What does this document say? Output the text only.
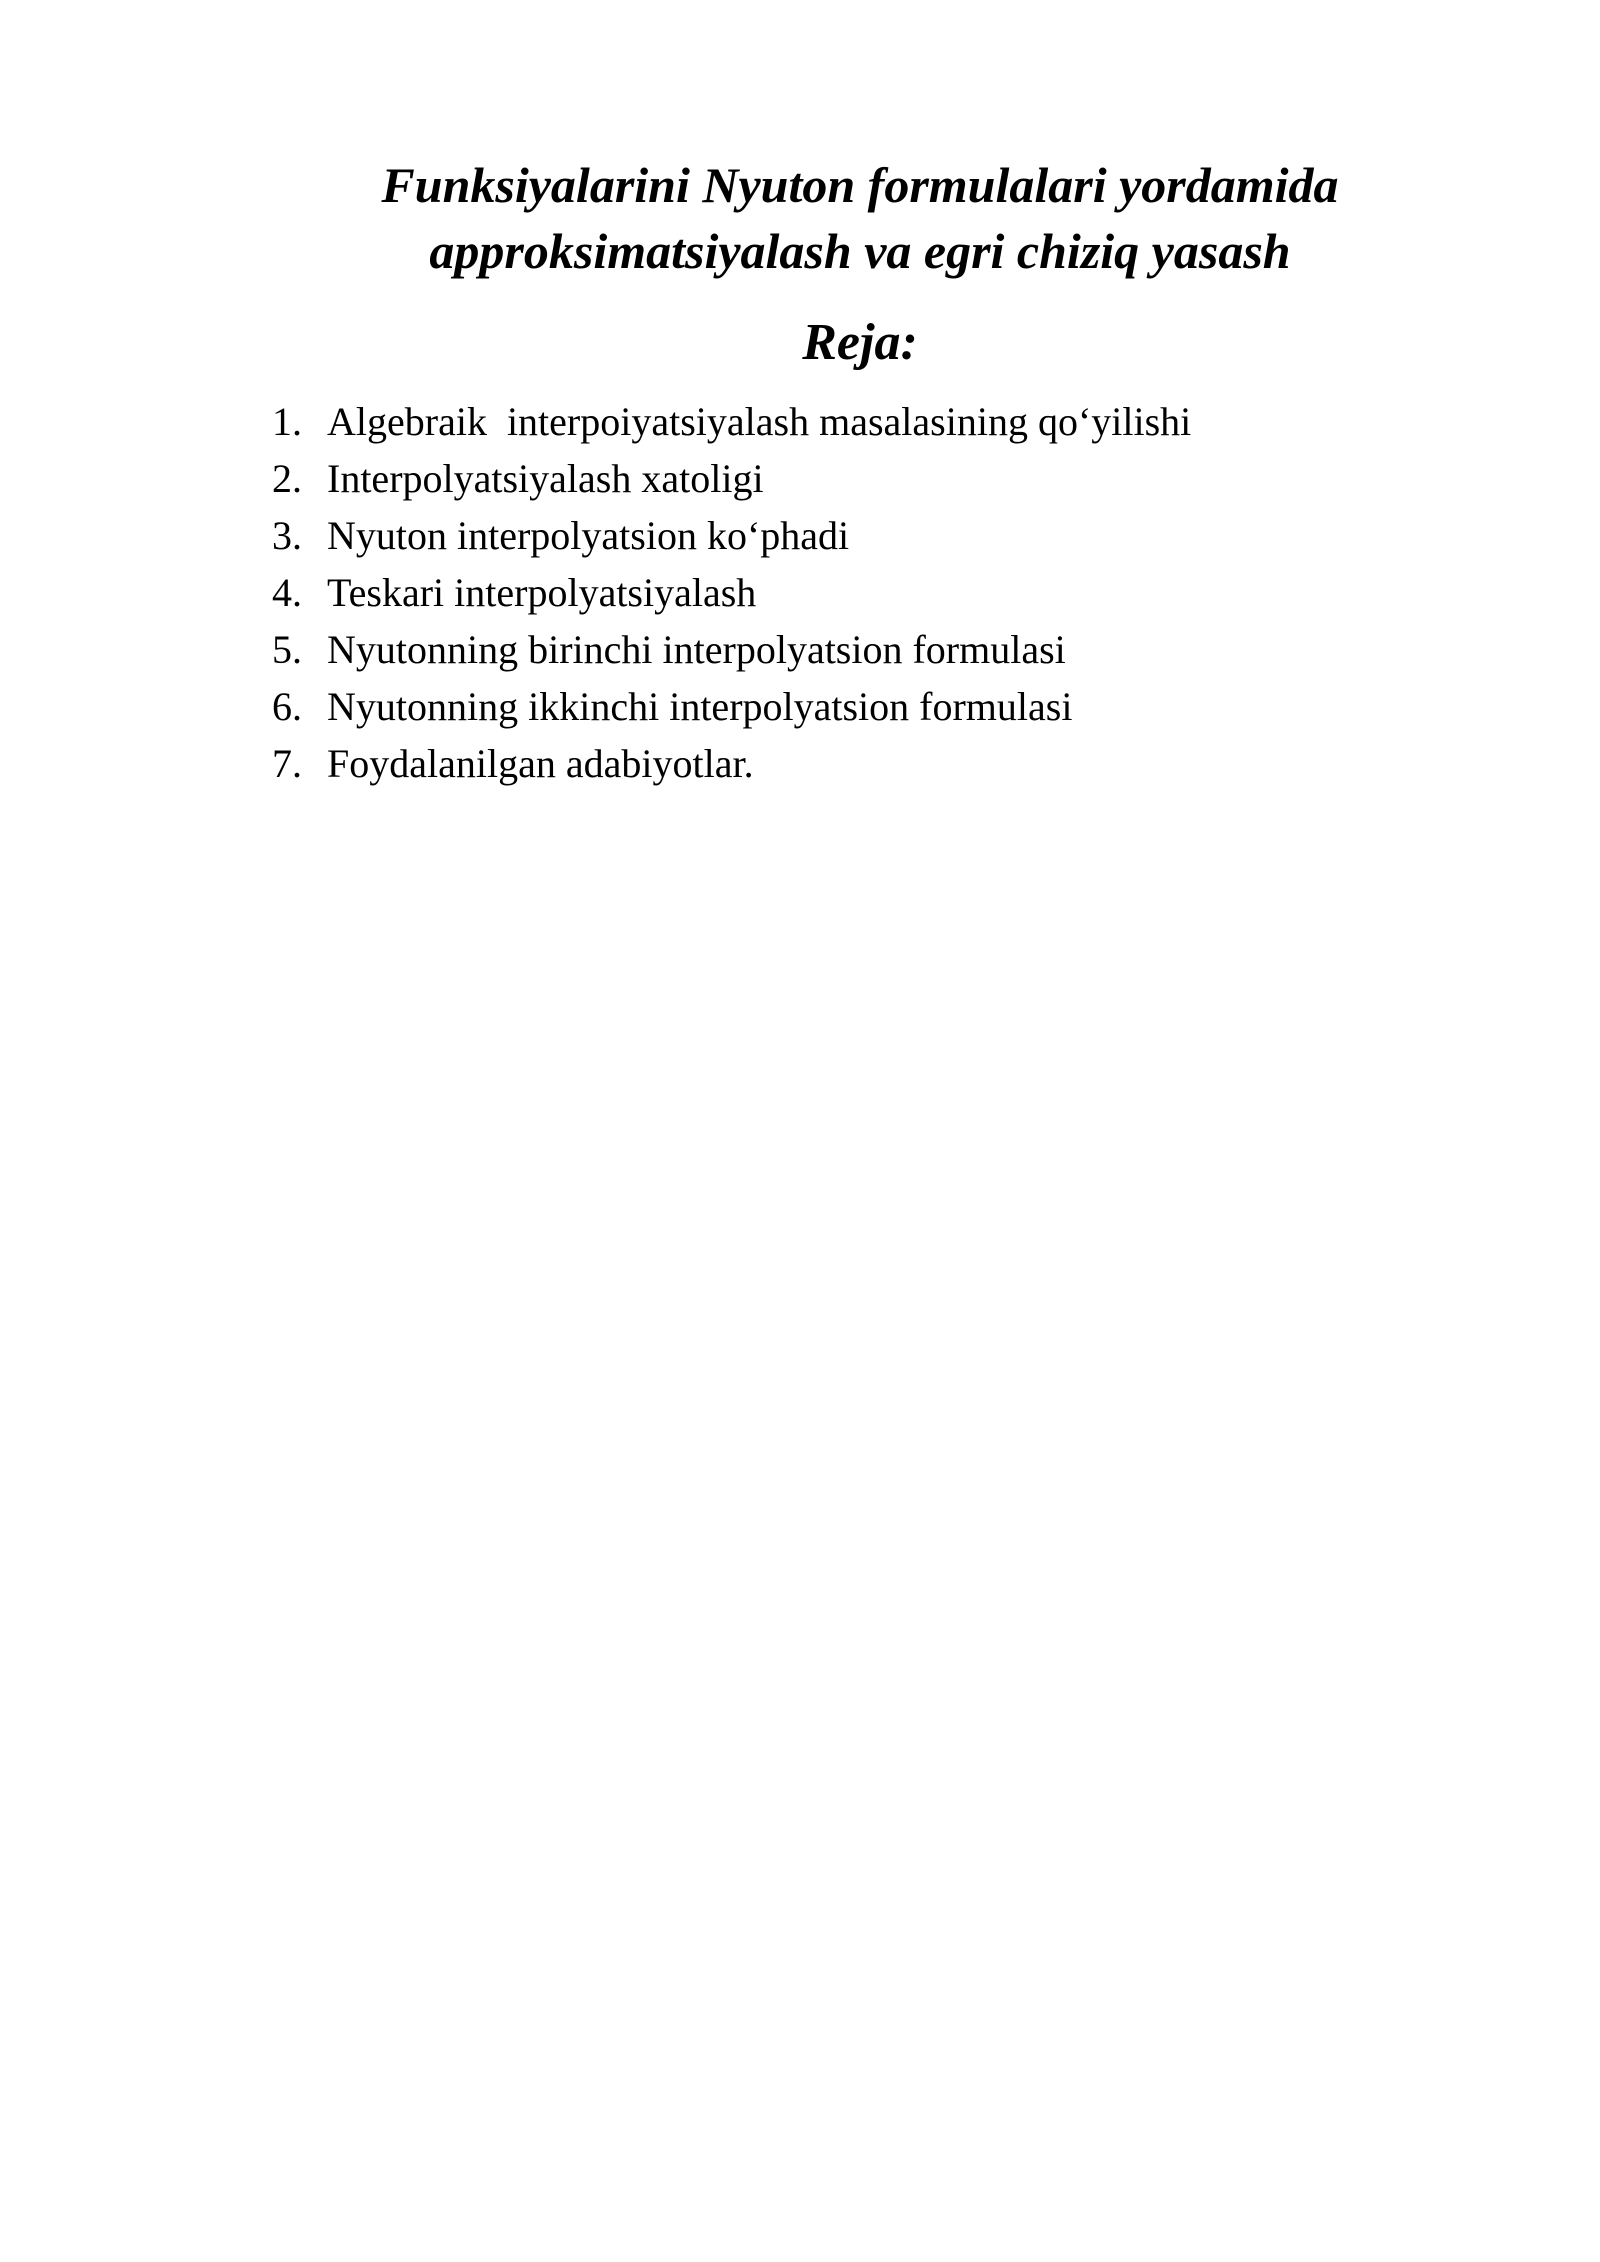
Funksiyalarini Nyuton formulalari yordamida
approksimatsiyalash va egri chiziq yasash
Reja:
1. Algebraik  interpoiyatsiyalash masalasining qo‘yilishi
2. Interpolyatsiyalash xatoligi
3. Nyuton interpolyatsion ko‘phadi
4. Teskari interpolyatsiyalash
5. Nyutonning birinchi interpolyatsion formulasi
6. Nyutonning ikkinchi interpolyatsion formulasi
7. Foydalanilgan adabiyotlar.
